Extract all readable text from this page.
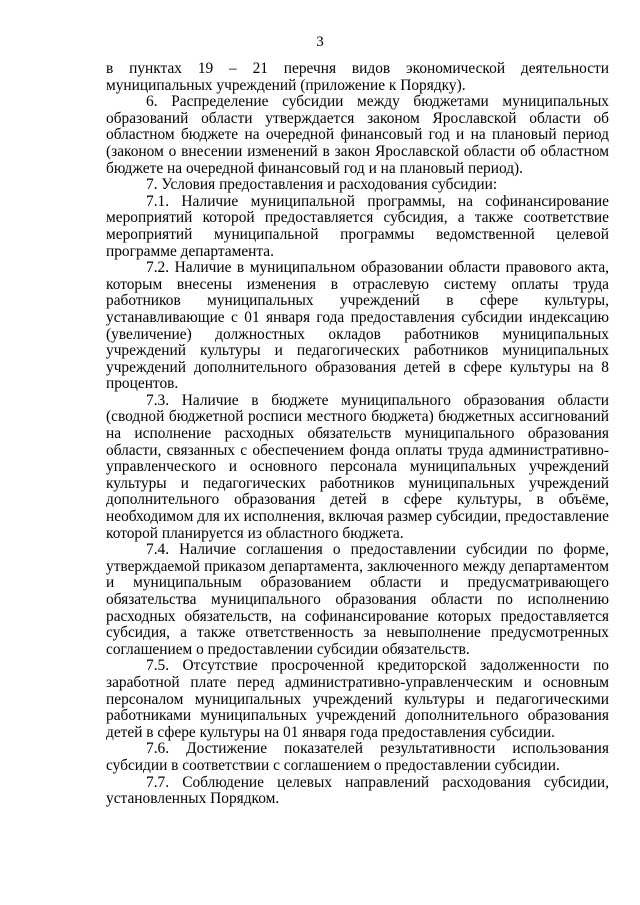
3

в пунктах 19 – 21 перечня видов экономической деятельности муниципальных учреждений (приложение к Порядку).

6. Распределение субсидии между бюджетами муниципальных образований области утверждается законом Ярославской области об областном бюджете на очередной финансовый год и на плановый период (законом о внесении изменений в закон Ярославской области об областном бюджете на очередной финансовый год и на плановый период).

7. Условия предоставления и расходования субсидии:

7.1. Наличие муниципальной программы, на софинансирование мероприятий которой предоставляется субсидия, а также соответствие мероприятий муниципальной программы ведомственной целевой программе департамента.

7.2. Наличие в муниципальном образовании области правового акта, которым внесены изменения в отраслевую систему оплаты труда работников муниципальных учреждений в сфере культуры, устанавливающие с 01 января года предоставления субсидии индексацию (увеличение) должностных окладов работников муниципальных учреждений культуры и педагогических работников муниципальных учреждений дополнительного образования детей в сфере культуры на 8 процентов.

7.3. Наличие в бюджете муниципального образования области (сводной бюджетной росписи местного бюджета) бюджетных ассигнований на исполнение расходных обязательств муниципального образования области, связанных с обеспечением фонда оплаты труда административно-управленческого и основного персонала муниципальных учреждений культуры и педагогических работников муниципальных учреждений дополнительного образования детей в сфере культуры, в объёме, необходимом для их исполнения, включая размер субсидии, предоставление которой планируется из областного бюджета.

7.4. Наличие соглашения о предоставлении субсидии по форме, утверждаемой приказом департамента, заключенного между департаментом и муниципальным образованием области и предусматривающего обязательства муниципального образования области по исполнению расходных обязательств, на софинансирование которых предоставляется субсидия, а также ответственность за невыполнение предусмотренных соглашением о предоставлении субсидии обязательств.

7.5. Отсутствие просроченной кредиторской задолженности по заработной плате перед административно-управленческим и основным персоналом муниципальных учреждений культуры и педагогическими работниками муниципальных учреждений дополнительного образования детей в сфере культуры на 01 января года предоставления субсидии.

7.6. Достижение показателей результативности использования субсидии в соответствии с соглашением о предоставлении субсидии.

7.7. Соблюдение целевых направлений расходования субсидии, установленных Порядком.
